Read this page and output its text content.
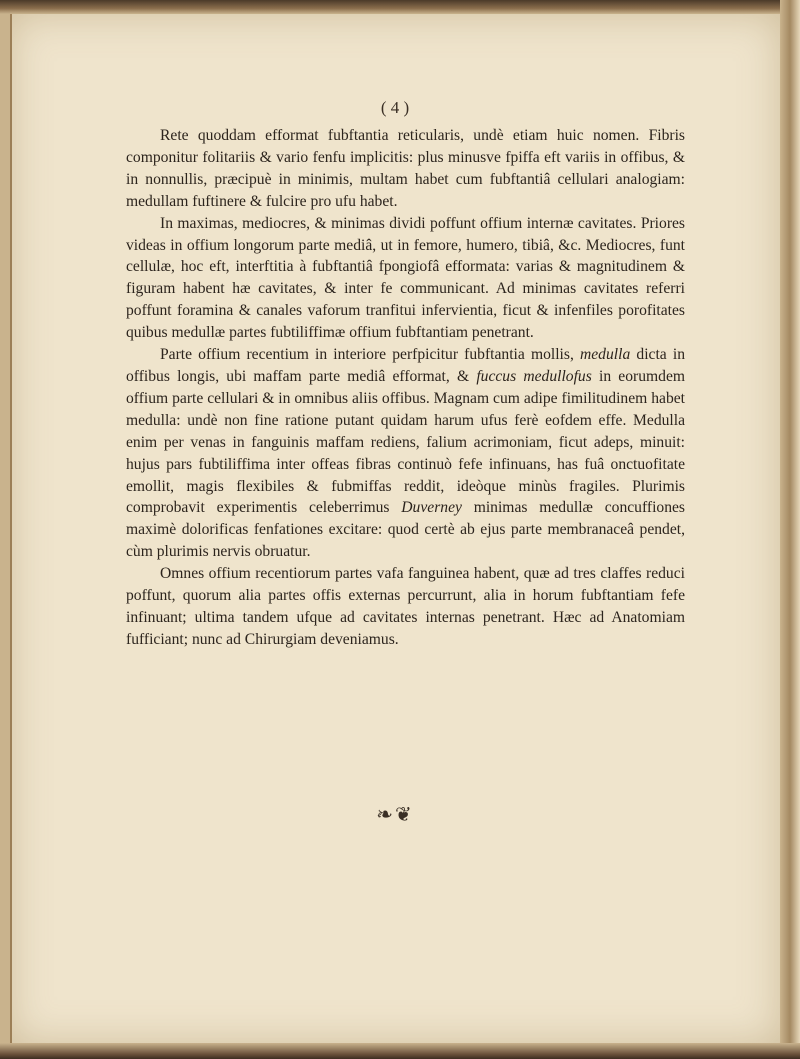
( 4 )

Rete quoddam efformat fubftantia reticularis, undè etiam huic nomen. Fibris componitur folitariis & vario fenfu implicitis: plus minusve fpiffa eft variis in offibus, & in nonnullis, præcipuè in minimis, multam habet cum fubftantiâ cellulari analogiam: medullam fuftinere & fulcire pro ufu habet.

In maximas, mediocres, & minimas dividi poffunt offium internæ cavitates. Priores videas in offium longorum parte mediâ, ut in femore, humero, tibiâ, &c. Mediocres, funt cellulæ, hoc eft, interftitia à fubftantiâ fpongiofâ efformata: varias & magnitudinem & figuram habent hæ cavitates, & inter fe communicant. Ad minimas cavitates referri poffunt foramina & canales vaforum tranfitui infervientia, ficut & infenfiles porofitates quibus medullæ partes fubtiliffimæ offium fubftantiam penetrant.

Parte offium recentium in interiore perfpicitur fubftantia mollis, medulla dicta in offibus longis, ubi maffam parte mediâ efformat, & fuccus medullofus in eorumdem offium parte cellulari & in omnibus aliis offibus. Magnam cum adipe fimilitudinem habet medulla: undè non fine ratione putant quidam harum ufus ferè eofdem effe. Medulla enim per venas in fanguinis maffam rediens, falium acrimoniam, ficut adeps, minuit: hujus pars fubtiliffima inter offeas fibras continuò fefe infinuans, has fuâ onctuofitate emollit, magis flexibiles & fubmiffas reddit, ideòque minùs fragiles. Plurimis comprobavit experimentis celeberrimus Duverney minimas medullæ concuffiones maximè dolorificas fenfationes excitare: quod certè ab ejus parte membranaceâ pendet, cùm plurimis nervis obruatur.

Omnes offium recentiorum partes vafa fanguinea habent, quæ ad tres claffes reduci poffunt, quorum alia partes offis externas percurrunt, alia in horum fubftantiam fefe infinuant; ultima tandem ufque ad cavitates internas penetrant. Hæc ad Anatomiam fufficiant; nunc ad Chirurgiam deveniamus.

❧❦
